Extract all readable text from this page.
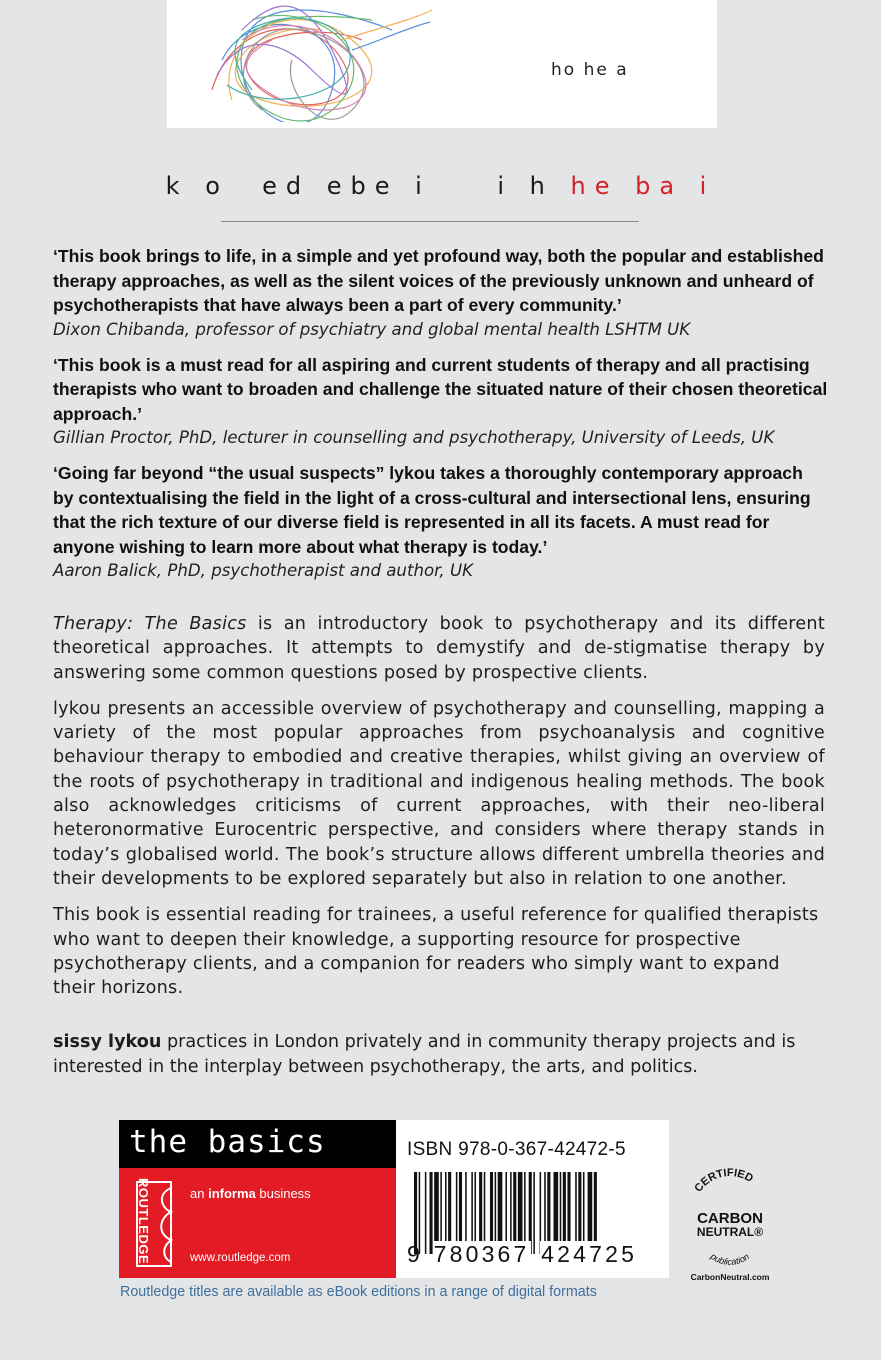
ho he a
k o  ed ebe i    i h he ba i
‘This book brings to life, in a simple and yet profound way, both the popular and established therapy approaches, as well as the silent voices of the previously unknown and unheard of psychotherapists that have always been a part of every community.’
Dixon Chibanda, professor of psychiatry and global mental health LSHTM UK
‘This book is a must read for all aspiring and current students of therapy and all practising therapists who want to broaden and challenge the situated nature of their chosen theoretical approach.’
Gillian Proctor, PhD, lecturer in counselling and psychotherapy, University of Leeds, UK
‘Going far beyond “the usual suspects” lykou takes a thoroughly contemporary approach by contextualising the field in the light of a cross-cultural and intersectional lens, ensuring that the rich texture of our diverse field is represented in all its facets. A must read for anyone wishing to learn more about what therapy is today.’
Aaron Balick, PhD, psychotherapist and author, UK

Therapy: The Basics is an introductory book to psychotherapy and its different theoretical approaches. It attempts to demystify and de-stigmatise therapy by answering some common questions posed by prospective clients.

lykou presents an accessible overview of psychotherapy and counselling, mapping a variety of the most popular approaches from psychoanalysis and cognitive behaviour therapy to embodied and creative therapies, whilst giving an overview of the roots of psychotherapy in traditional and indigenous healing methods. The book also acknowledges criticisms of current approaches, with their neo-liberal heteronormative Eurocentric perspective, and considers where therapy stands in today’s globalised world. The book’s structure allows different umbrella theories and their developments to be explored separately but also in relation to one another.

This book is essential reading for trainees, a useful reference for qualified therapists who want to deepen their knowledge, a supporting resource for prospective psychotherapy clients, and a companion for readers who simply want to expand their horizons.

sissy lykou practices in London privately and in community therapy projects and is interested in the interplay between psychotherapy, the arts, and politics.

the basics
ROUTLEDGE	an informa business
www.routledge.com
ISBN 978-0-367-42472-5
9 780367 424725
CERTIFIED
CARBON
NEUTRAL®
publication
CarbonNeutral.com
Routledge titles are available as eBook editions in a range of digital formats
